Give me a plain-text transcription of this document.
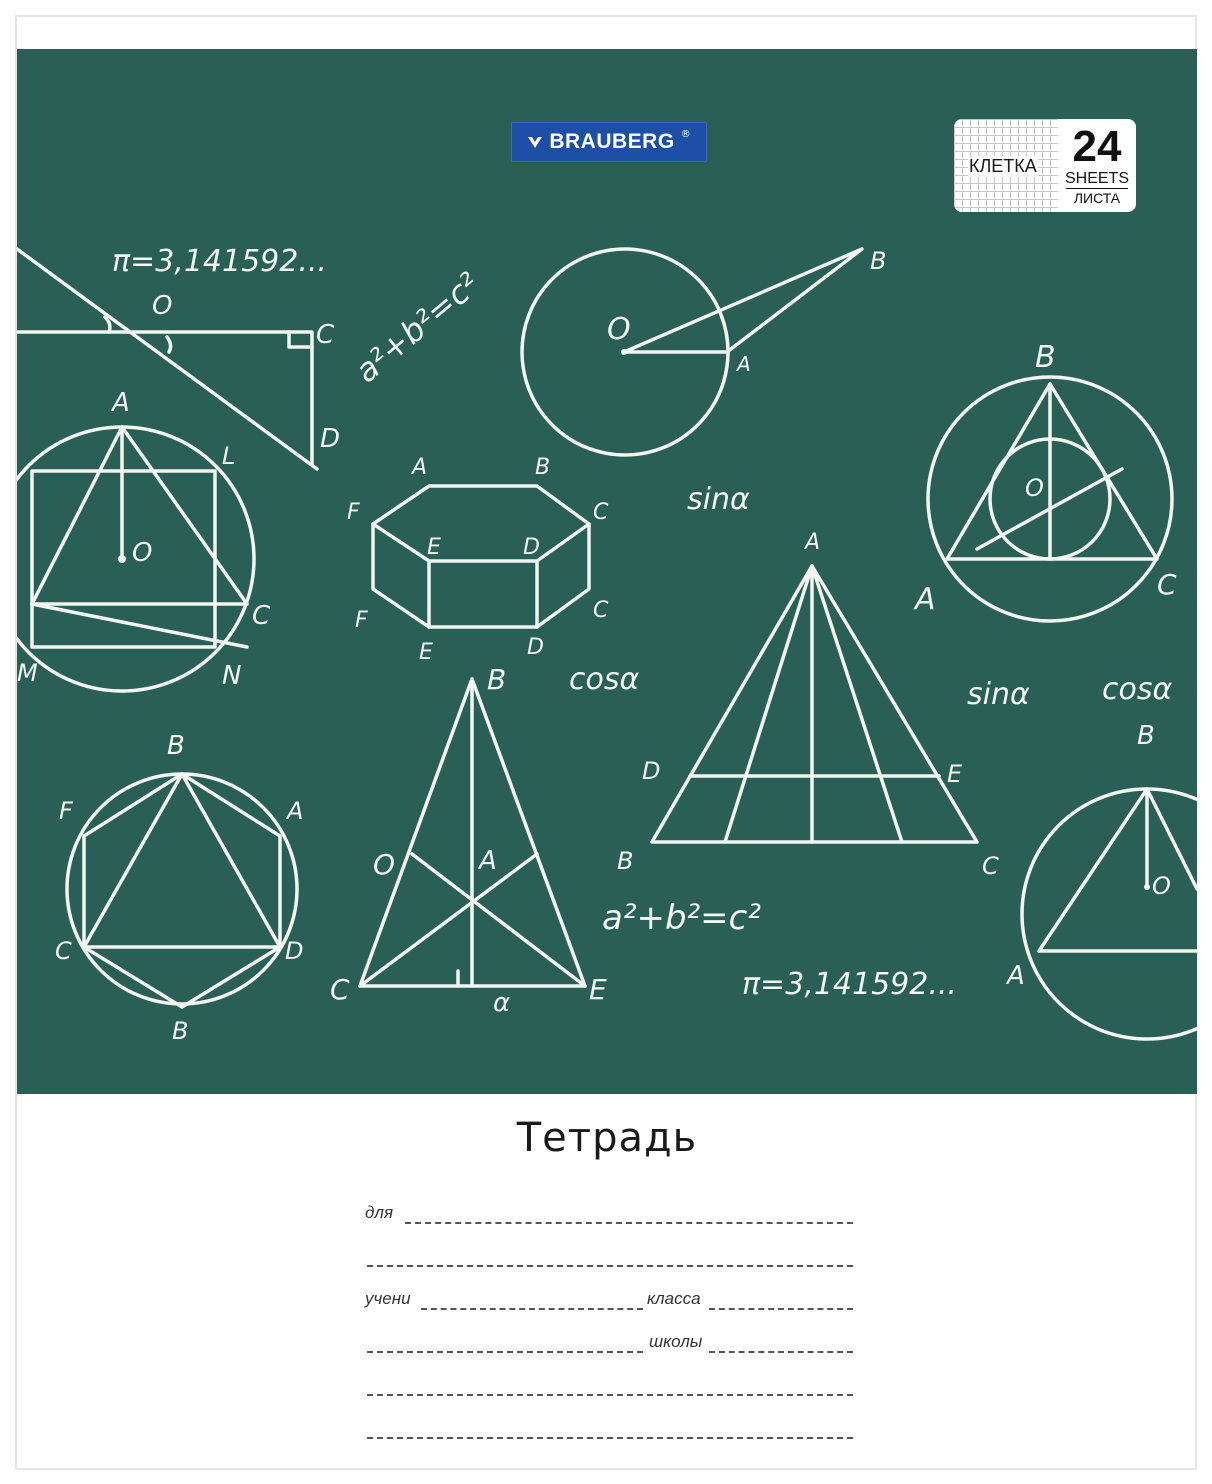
O
C
D
π=3,141592...
a²+b²=c²
A
L
O
C
N
M
A	B
F
E	D
C
F
E	D
C
O
B
A
sinα
cosα
B
O
A	C
A
D	E
B	C
sinα cosα
B
O	A
C	E
α
F	A
C	D
B
B
a²+b²=c²
π=3,141592...
B
O
A
BRAUBERG ®
КЛЕТКА 24
SHEETS
ЛИСТА
Тетрадь
для
учени	класса
школы
